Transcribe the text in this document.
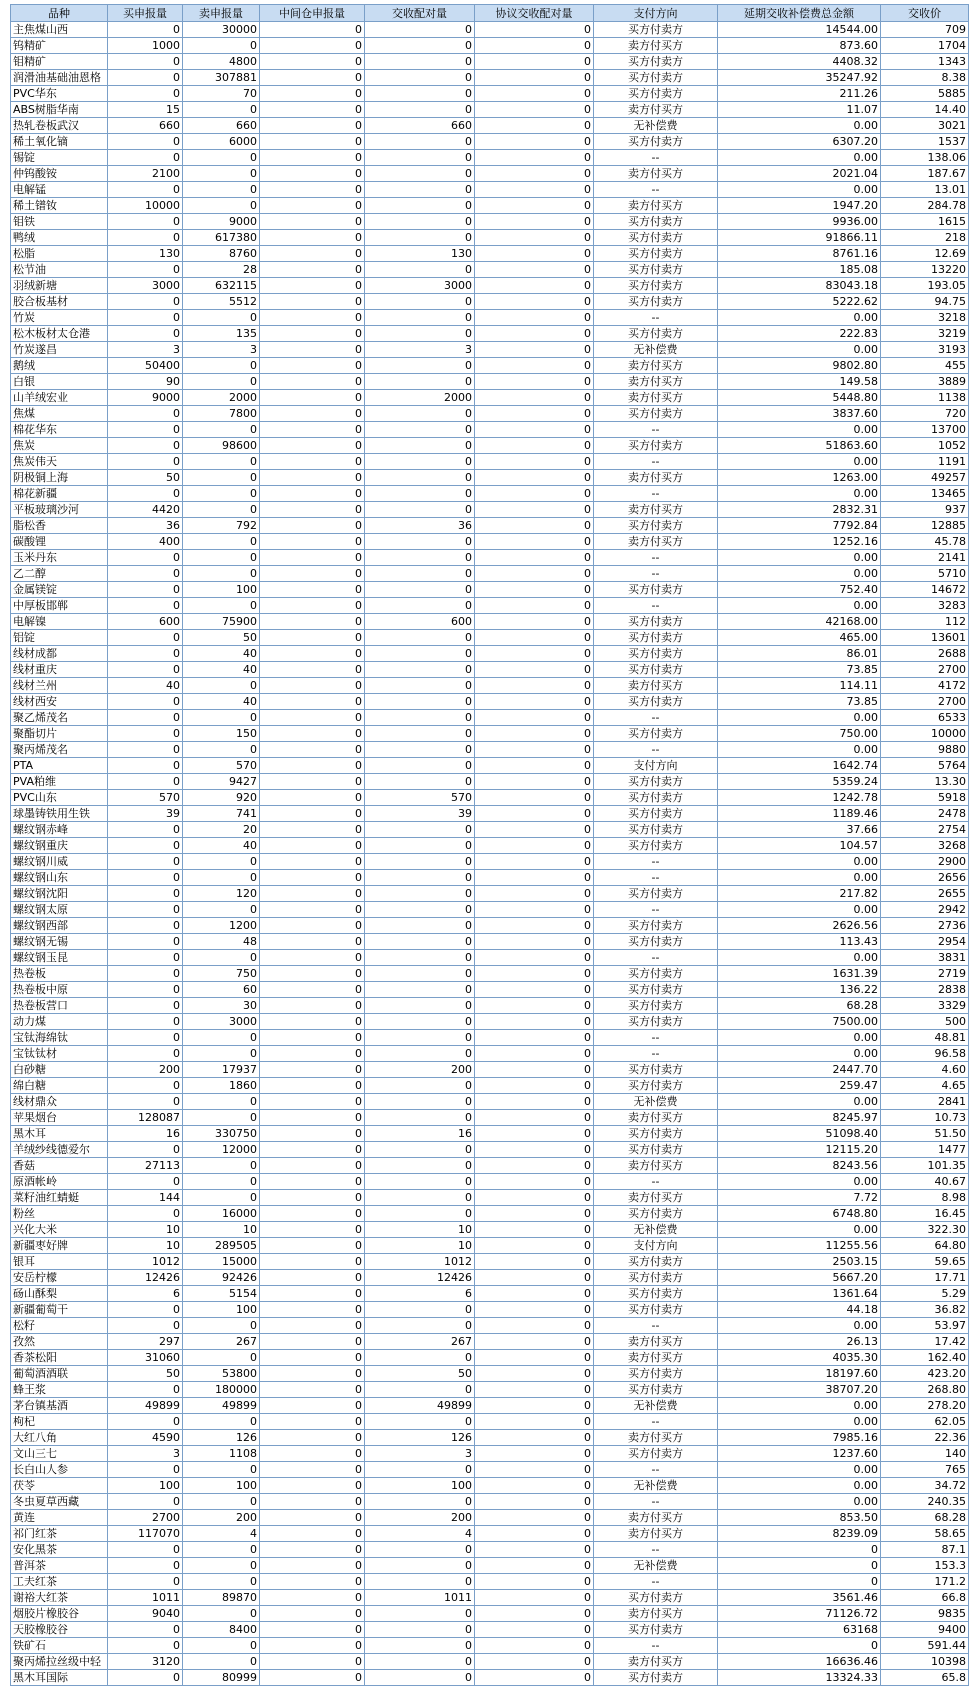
品种	买申报量	卖申报量	中间仓申报量	交收配对量	协议交收配对量	支付方向	延期交收补偿费总金额	交收价
主焦煤山西	0	30000	0	0	0	买方付卖方	14544.00	709
钨精矿	1000	0	0	0	0	卖方付买方	873.60	1704
钼精矿	0	4800	0	0	0	买方付卖方	4408.32	1343
润滑油基础油恩格	0	307881	0	0	0	买方付卖方	35247.92	8.38
PVC华东	0	70	0	0	0	买方付卖方	211.26	5885
ABS树脂华南	15	0	0	0	0	卖方付买方	11.07	14.40
热轧卷板武汉	660	660	0	660	0	无补偿费	0.00	3021
稀土氧化镝	0	6000	0	0	0	买方付卖方	6307.20	1537
锡锭	0	0	0	0	0	--	0.00	138.06
仲钨酸铵	2100	0	0	0	0	卖方付买方	2021.04	187.67
电解锰	0	0	0	0	0	--	0.00	13.01
稀土镨钕	10000	0	0	0	0	卖方付买方	1947.20	284.78
钼铁	0	9000	0	0	0	买方付卖方	9936.00	1615
鸭绒	0	617380	0	0	0	买方付卖方	91866.11	218
松脂	130	8760	0	130	0	买方付卖方	8761.16	12.69
松节油	0	28	0	0	0	买方付卖方	185.08	13220
羽绒新塘	3000	632115	0	3000	0	买方付卖方	83043.18	193.05
胶合板基材	0	5512	0	0	0	买方付卖方	5222.62	94.75
竹炭	0	0	0	0	0	--	0.00	3218
松木板材太仓港	0	135	0	0	0	买方付卖方	222.83	3219
竹炭遂昌	3	3	0	3	0	无补偿费	0.00	3193
鹅绒	50400	0	0	0	0	卖方付买方	9802.80	455
白银	90	0	0	0	0	卖方付买方	149.58	3889
山羊绒宏业	9000	2000	0	2000	0	卖方付买方	5448.80	1138
焦煤	0	7800	0	0	0	买方付卖方	3837.60	720
棉花华东	0	0	0	0	0	--	0.00	13700
焦炭	0	98600	0	0	0	买方付卖方	51863.60	1052
焦炭伟天	0	0	0	0	0	--	0.00	1191
阴极铜上海	50	0	0	0	0	卖方付买方	1263.00	49257
棉花新疆	0	0	0	0	0	--	0.00	13465
平板玻璃沙河	4420	0	0	0	0	卖方付买方	2832.31	937
脂松香	36	792	0	36	0	买方付卖方	7792.84	12885
碳酸锂	400	0	0	0	0	卖方付买方	1252.16	45.78
玉米丹东	0	0	0	0	0	--	0.00	2141
乙二醇	0	0	0	0	0	--	0.00	5710
金属镁锭	0	100	0	0	0	买方付卖方	752.40	14672
中厚板邯郸	0	0	0	0	0	--	0.00	3283
电解镍	600	75900	0	600	0	买方付卖方	42168.00	112
铝锭	0	50	0	0	0	买方付卖方	465.00	13601
线材成都	0	40	0	0	0	买方付卖方	86.01	2688
线材重庆	0	40	0	0	0	买方付卖方	73.85	2700
线材兰州	40	0	0	0	0	卖方付买方	114.11	4172
线材西安	0	40	0	0	0	买方付卖方	73.85	2700
聚乙烯茂名	0	0	0	0	0	--	0.00	6533
聚酯切片	0	150	0	0	0	买方付卖方	750.00	10000
聚丙烯茂名	0	0	0	0	0	--	0.00	9880
PTA	0	570	0	0	0	支付方向	1642.74	5764
PVA粕维	0	9427	0	0	0	买方付卖方	5359.24	13.30
PVC山东	570	920	0	570	0	买方付卖方	1242.78	5918
球墨铸铁用生铁	39	741	0	39	0	买方付卖方	1189.46	2478
螺纹钢赤峰	0	20	0	0	0	买方付卖方	37.66	2754
螺纹钢重庆	0	40	0	0	0	买方付卖方	104.57	3268
螺纹钢川威	0	0	0	0	0	--	0.00	2900
螺纹钢山东	0	0	0	0	0	--	0.00	2656
螺纹钢沈阳	0	120	0	0	0	买方付卖方	217.82	2655
螺纹钢太原	0	0	0	0	0	--	0.00	2942
螺纹钢西部	0	1200	0	0	0	买方付卖方	2626.56	2736
螺纹钢无锡	0	48	0	0	0	买方付卖方	113.43	2954
螺纹钢玉昆	0	0	0	0	0	--	0.00	3831
热卷板	0	750	0	0	0	买方付卖方	1631.39	2719
热卷板中原	0	60	0	0	0	买方付卖方	136.22	2838
热卷板营口	0	30	0	0	0	买方付卖方	68.28	3329
动力煤	0	3000	0	0	0	买方付卖方	7500.00	500
宝钛海绵钛	0	0	0	0	0	--	0.00	48.81
宝钛钛材	0	0	0	0	0	--	0.00	96.58
白砂糖	200	17937	0	200	0	买方付卖方	2447.70	4.60
绵白糖	0	1860	0	0	0	买方付卖方	259.47	4.65
线材鼎众	0	0	0	0	0	无补偿费	0.00	2841
苹果烟台	128087	0	0	0	0	卖方付买方	8245.97	10.73
黑木耳	16	330750	0	16	0	买方付卖方	51098.40	51.50
羊绒纱线德爱尔	0	12000	0	0	0	买方付卖方	12115.20	1477
香菇	27113	0	0	0	0	卖方付买方	8243.56	101.35
原酒帐岭	0	0	0	0	0	--	0.00	40.67
菜籽油红蜻蜓	144	0	0	0	0	卖方付买方	7.72	8.98
粉丝	0	16000	0	0	0	买方付卖方	6748.80	16.45
兴化大米	10	10	0	10	0	无补偿费	0.00	322.30
新疆枣好牌	10	289505	0	10	0	支付方向	11255.56	64.80
银耳	1012	15000	0	1012	0	买方付卖方	2503.15	59.65
安岳柠檬	12426	92426	0	12426	0	买方付卖方	5667.20	17.71
砀山酥梨	6	5154	0	6	0	买方付卖方	1361.64	5.29
新疆葡萄干	0	100	0	0	0	买方付卖方	44.18	36.82
松籽	0	0	0	0	0	--	0.00	53.97
孜然	297	267	0	267	0	卖方付买方	26.13	17.42
香茶松阳	31060	0	0	0	0	卖方付买方	4035.30	162.40
葡萄酒酒联	50	53800	0	50	0	买方付卖方	18197.60	423.20
蜂王浆	0	180000	0	0	0	买方付卖方	38707.20	268.80
茅台镇基酒	49899	49899	0	49899	0	无补偿费	0.00	278.20
枸杞	0	0	0	0	0	--	0.00	62.05
大红八角	4590	126	0	126	0	卖方付买方	7985.16	22.36
文山三七	3	1108	0	3	0	买方付卖方	1237.60	140
长白山人参	0	0	0	0	0	--	0.00	765
茯苓	100	100	0	100	0	无补偿费	0.00	34.72
冬虫夏草西藏	0	0	0	0	0	--	0.00	240.35
黄连	2700	200	0	200	0	卖方付买方	853.50	68.28
祁门红茶	117070	4	0	4	0	卖方付买方	8239.09	58.65
安化黑茶	0	0	0	0	0	--	0	87.1
普洱茶	0	0	0	0	0	无补偿费	0	153.3
工夫红茶	0	0	0	0	0	--	0	171.2
谢裕大红茶	1011	89870	0	1011	0	买方付卖方	3561.46	66.8
烟胶片橡胶谷	9040	0	0	0	0	卖方付买方	71126.72	9835
天胶橡胶谷	0	8400	0	0	0	买方付卖方	63168	9400
铁矿石	0	0	0	0	0	--	0	591.44
聚丙烯拉丝级中轻	3120	0	0	0	0	卖方付买方	16636.46	10398
黑木耳国际	0	80999	0	0	0	买方付卖方	13324.33	65.8
